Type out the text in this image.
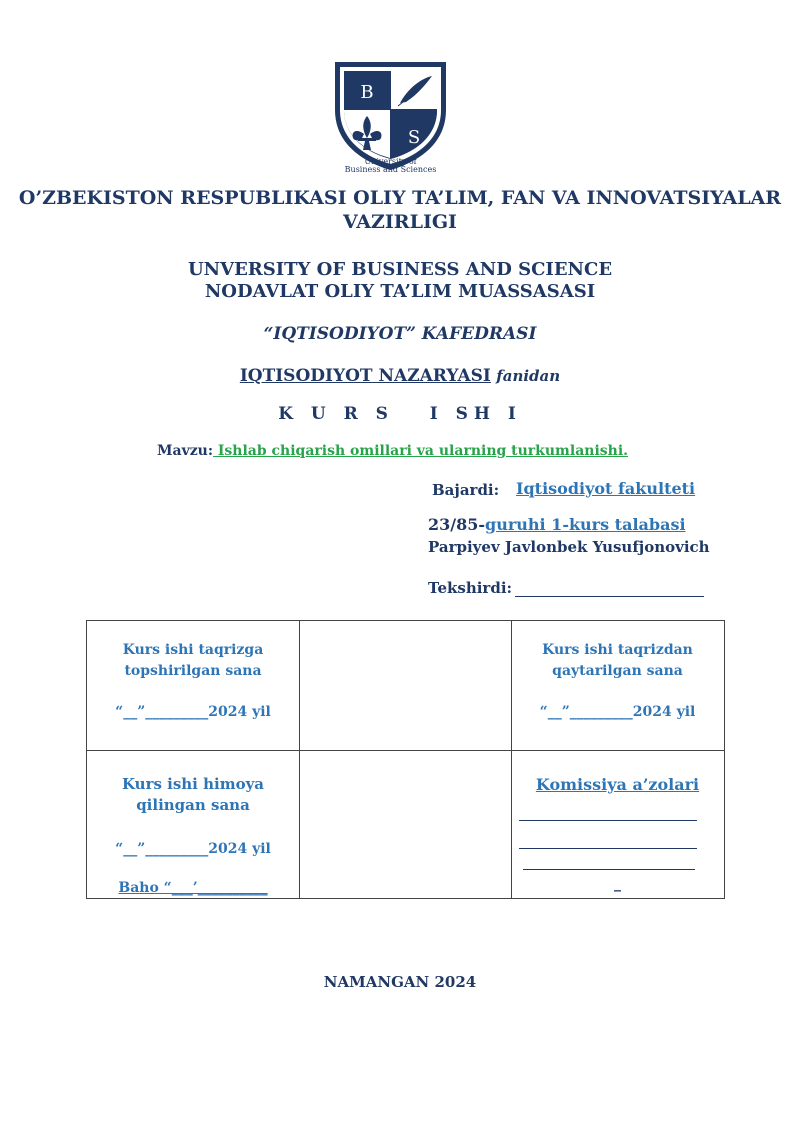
B
S
University of
Business and Sciences
O’ZBEKISTON RESPUBLIKASI OLIY TA’LIM, FAN VA INNOVATSIYALAR
VAZIRLIGI
UNVERSITY OF BUSINESS AND SCIENCE
NODAVLAT OLIY TA’LIM MUASSASASI
“IQTISODIYOT” KAFEDRASI
IQTISODIYOT NAZARYASI fanidan
K U R S   I SH I
Mavzu: Ishlab chiqarish omillari va ularning turkumlanishi.
Bajardi: Iqtisodiyot fakulteti
23/85-guruhi 1-kurs talabasi
Parpiyev Javlonbek Yusufjonovich
Tekshirdi:
Kurs ishi taqrizga
topshirilgan sana
“__”_________2024 yil
Kurs ishi taqrizdan
qaytarilgan sana
“__”_________2024 yil
Kurs ishi himoya
qilingan sana
“__”_________2024 yil
Baho “___’__________
Komissiya a’zolari
_
NAMANGAN 2024
